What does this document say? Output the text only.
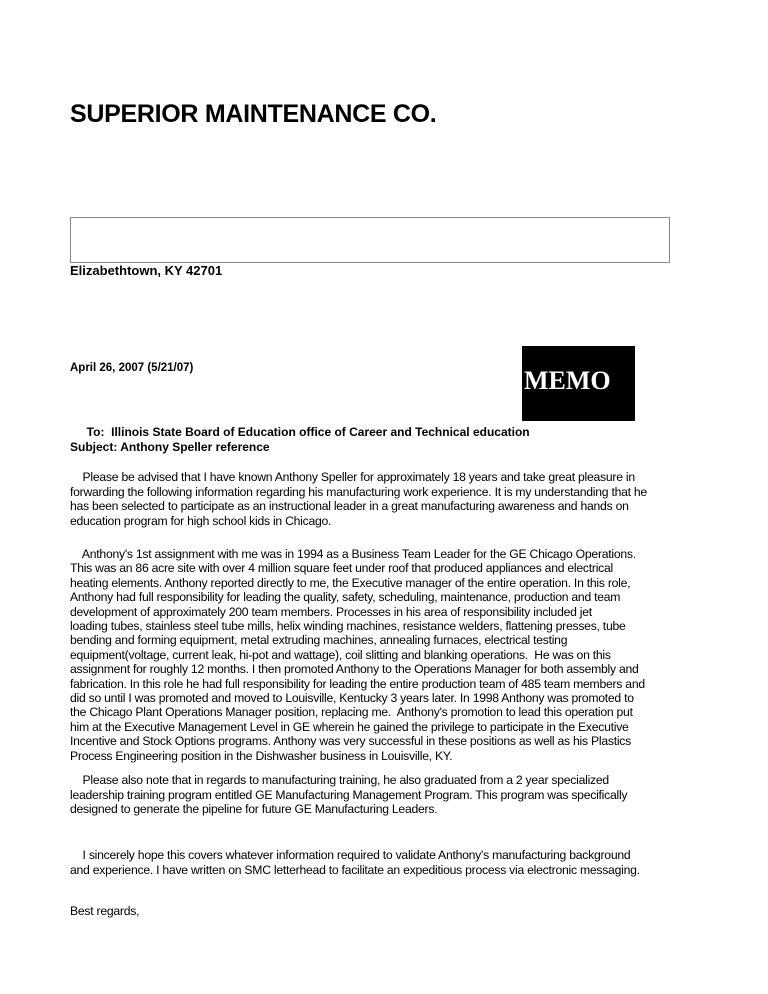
SUPERIOR MAINTENANCE CO.
Elizabethtown, KY 42701
April 26, 2007 (5/21/07)	MEMO
To:  Illinois State Board of Education office of Career and Technical education
Subject: Anthony Speller reference
Please be advised that I have known Anthony Speller for approximately 18 years and take great pleasure in
forwarding the following information regarding his manufacturing work experience. It is my understanding that he
has been selected to participate as an instructional leader in a great manufacturing awareness and hands on
education program for high school kids in Chicago.
Anthony's 1st assignment with me was in 1994 as a Business Team Leader for the GE Chicago Operations.
This was an 86 acre site with over 4 million square feet under roof that produced appliances and electrical
heating elements. Anthony reported directly to me, the Executive manager of the entire operation. In this role,
Anthony had full responsibility for leading the quality, safety, scheduling, maintenance, production and team
development of approximately 200 team members. Processes in his area of responsibility included jet
loading tubes, stainless steel tube mills, helix winding machines, resistance welders, flattening presses, tube
bending and forming equipment, metal extruding machines, annealing furnaces, electrical testing
equipment(voltage, current leak, hi-pot and wattage), coil slitting and blanking operations.  He was on this
assignment for roughly 12 months. I then promoted Anthony to the Operations Manager for both assembly and
fabrication. In this role he had full responsibility for leading the entire production team of 485 team members and
did so until I was promoted and moved to Louisville, Kentucky 3 years later. In 1998 Anthony was promoted to
the Chicago Plant Operations Manager position, replacing me.  Anthony's promotion to lead this operation put
him at the Executive Management Level in GE wherein he gained the privilege to participate in the Executive
Incentive and Stock Options programs. Anthony was very successful in these positions as well as his Plastics
Process Engineering position in the Dishwasher business in Louisville, KY.
Please also note that in regards to manufacturing training, he also graduated from a 2 year specialized
leadership training program entitled GE Manufacturing Management Program. This program was specifically
designed to generate the pipeline for future GE Manufacturing Leaders.
I sincerely hope this covers whatever information required to validate Anthony's manufacturing background
and experience. I have written on SMC letterhead to facilitate an expeditious process via electronic messaging.
Best regards,
